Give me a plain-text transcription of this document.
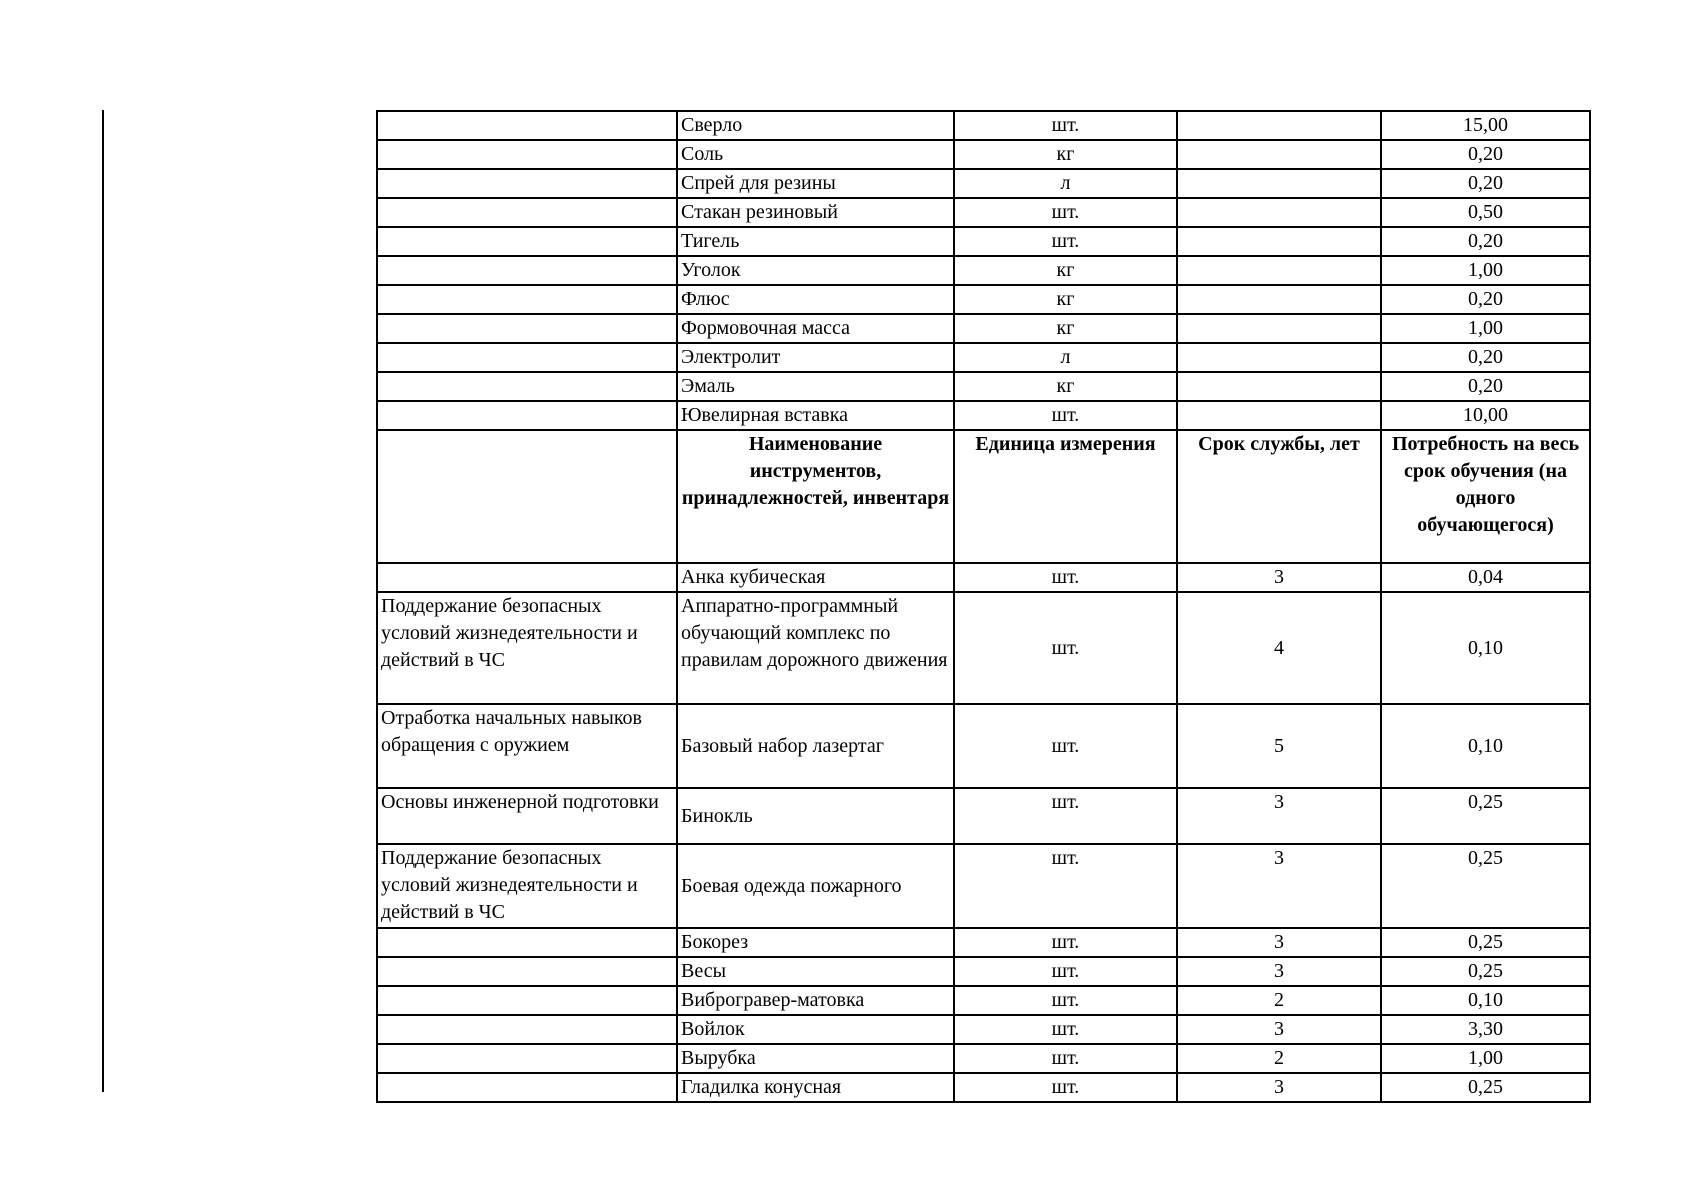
	Сверло	шт.		15,00
	Соль	кг		0,20
	Спрей для резины	л		0,20
	Стакан резиновый	шт.		0,50
	Тигель	шт.		0,20
	Уголок	кг		1,00
	Флюс	кг		0,20
	Формовочная масса	кг		1,00
	Электролит	л		0,20
	Эмаль	кг		0,20
	Ювелирная вставка	шт.		10,00
	Наименование инструментов, принадлежностей, инвентаря	Единица измерения	Срок службы, лет	Потребность на весь срок обучения (на одного обучающегося)
	Анка кубическая	шт.	3	0,04
Поддержание безопасных условий жизнедеятельности и действий в ЧС	Аппаратно-программный обучающий комплекс по правилам дорожного движения	шт.	4	0,10
Отработка начальных навыков обращения с оружием	Базовый набор лазертаг	шт.	5	0,10
Основы инженерной подготовки	Бинокль	шт.	3	0,25
Поддержание безопасных условий жизнедеятельности и действий в ЧС	Боевая одежда пожарного	шт.	3	0,25
	Бокорез	шт.	3	0,25
	Весы	шт.	3	0,25
	Виброгравер-матовка	шт.	2	0,10
	Войлок	шт.	3	3,30
	Вырубка	шт.	2	1,00
	Гладилка конусная	шт.	3	0,25
